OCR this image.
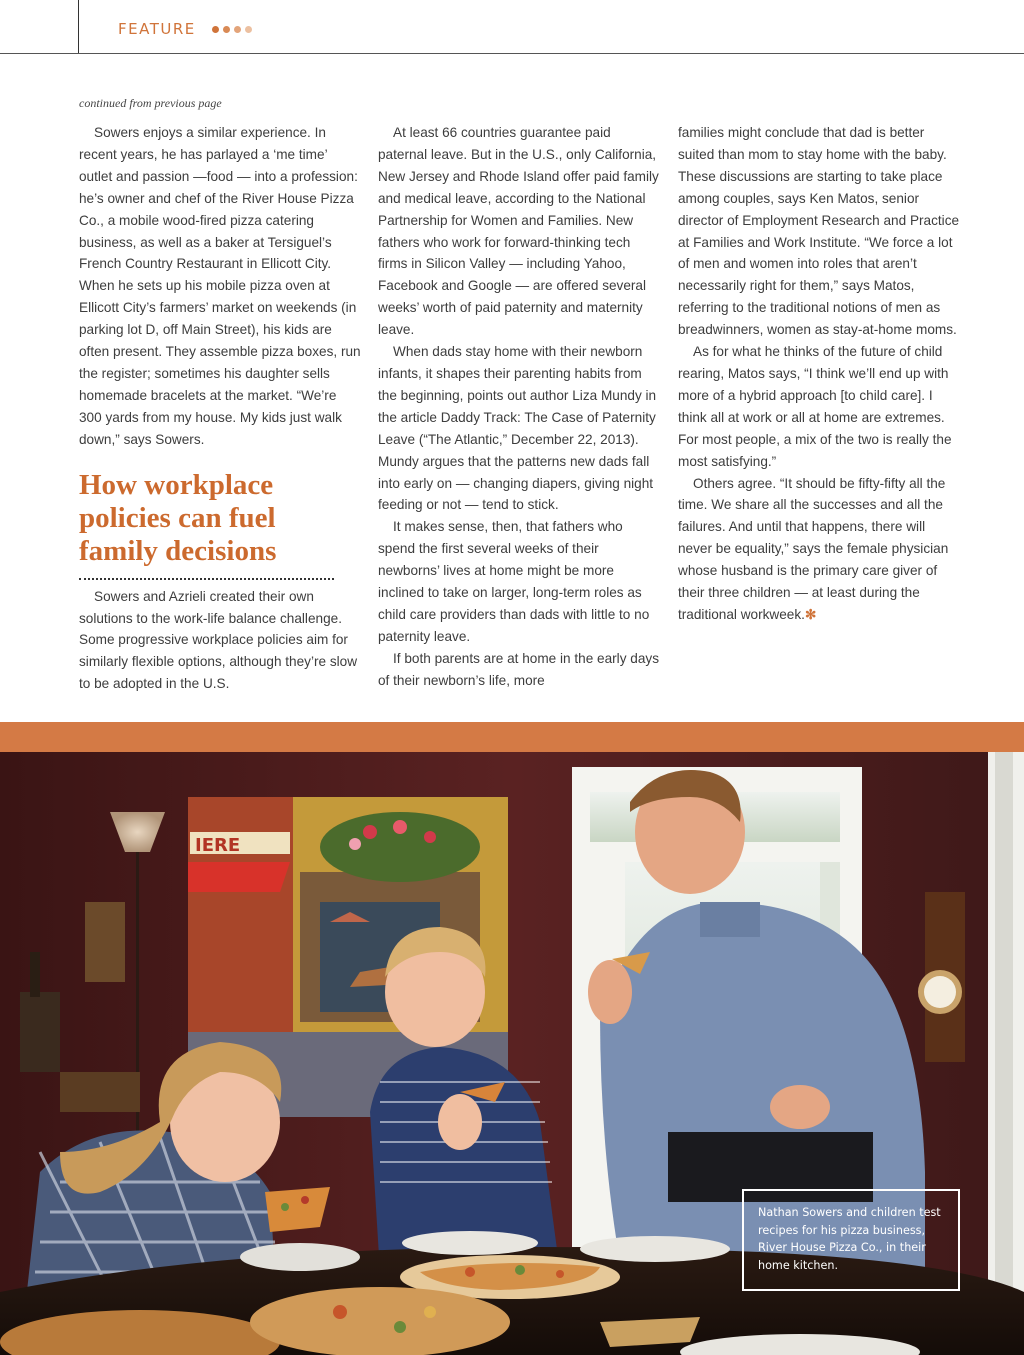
FEATURE
continued from previous page

Sowers enjoys a similar experience. In recent years, he has parlayed a ‘me time’ outlet and passion —food — into a profession: he’s owner and chef of the River House Pizza Co., a mobile wood-fired pizza catering business, as well as a baker at Tersiguel’s French Country Restaurant in Ellicott City. When he sets up his mobile pizza oven at Ellicott City’s farmers’ market on weekends (in parking lot D, off Main Street), his kids are often present. They assemble pizza boxes, run the register; sometimes his daughter sells homemade bracelets at the market. “We’re 300 yards from my house. My kids just walk down,” says Sowers.

How workplace policies can fuel family decisions

Sowers and Azrieli created their own solutions to the work-life balance challenge. Some progressive workplace policies aim for similarly flexible options, although they’re slow to be adopted in the U.S.

At least 66 countries guarantee paid paternal leave. But in the U.S., only California, New Jersey and Rhode Island offer paid family and medical leave, according to the National Partnership for Women and Families. New fathers who work for forward-thinking tech firms in Silicon Valley — including Yahoo, Facebook and Google — are offered several weeks’ worth of paid paternity and maternity leave.

When dads stay home with their newborn infants, it shapes their parenting habits from the beginning, points out author Liza Mundy in the article Daddy Track: The Case of Paternity Leave (“The Atlantic,” December 22, 2013). Mundy argues that the patterns new dads fall into early on — changing diapers, giving night feeding or not — tend to stick.

It makes sense, then, that fathers who spend the first several weeks of their newborns’ lives at home might be more inclined to take on larger, long-term roles as child care providers than dads with little to no paternity leave.

If both parents are at home in the early days of their newborn’s life, more

families might conclude that dad is better suited than mom to stay home with the baby. These discussions are starting to take place among couples, says Ken Matos, senior director of Employment Research and Practice at Families and Work Institute. “We force a lot of men and women into roles that aren’t necessarily right for them,” says Matos, referring to the traditional notions of men as breadwinners, women as stay-at-home moms.

As for what he thinks of the future of child rearing, Matos says, “I think we’ll end up with more of a hybrid approach [to child care]. I think all at work or all at home are extremes. For most people, a mix of the two is really the most satisfying.”

Others agree. “It should be fifty-fifty all the time. We share all the successes and all the failures. And until that happens, there will never be equality,” says the female physician whose husband is the primary care giver of their three children — at least during the traditional workweek.✻

IERE

Nathan Sowers and children test recipes for his pizza business, River House Pizza Co., in their home kitchen.
